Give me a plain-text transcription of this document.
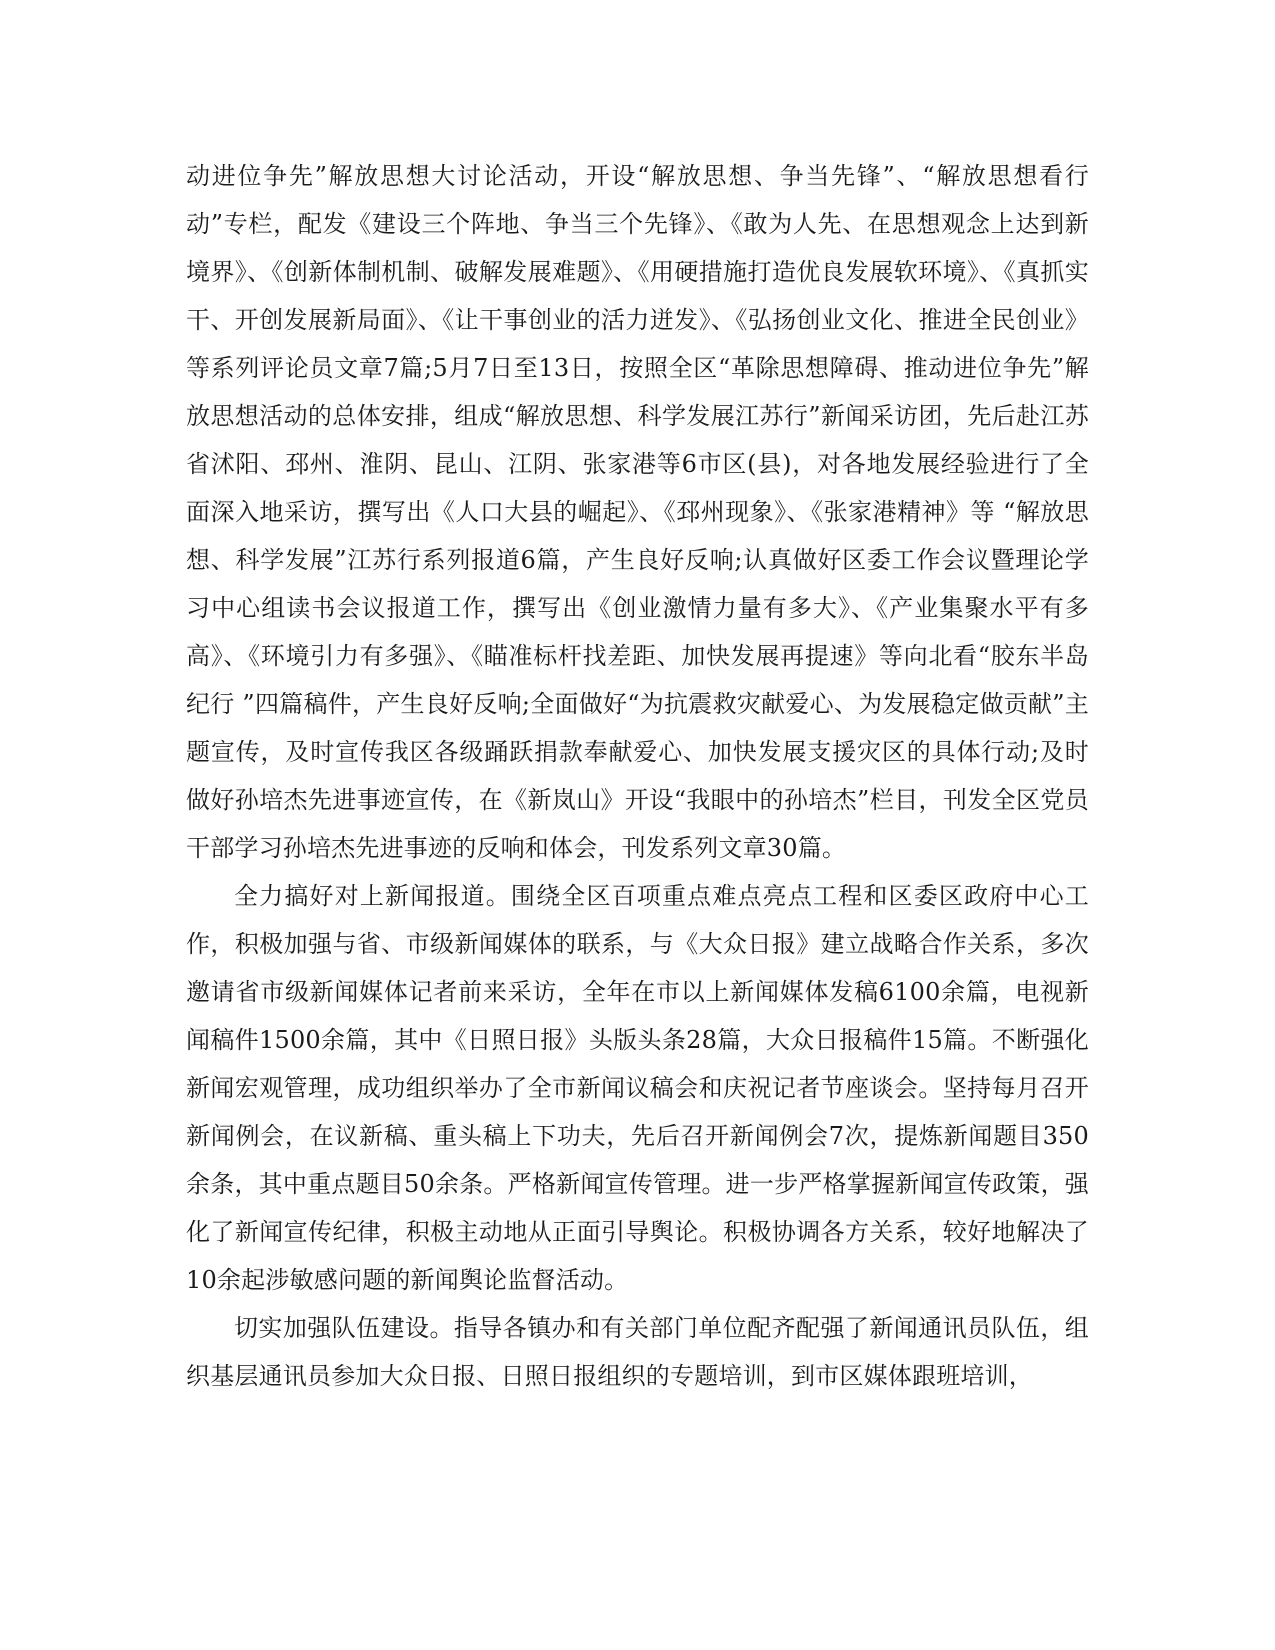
动进位争先”解放思想大讨论活动，开设“解放思想、争当先锋”、“解放思想看行动”专栏，配发《建设三个阵地、争当三个先锋》、《敢为人先、在思想观念上达到新境界》、《创新体制机制、破解发展难题》、《用硬措施打造优良发展软环境》、《真抓实干、开创发展新局面》、《让干事创业的活力迸发》、《弘扬创业文化、推进全民创业》等系列评论员文章7篇;5月7日至13日，按照全区“革除思想障碍、推动进位争先”解放思想活动的总体安排，组成“解放思想、科学发展江苏行”新闻采访团，先后赴江苏省沭阳、邳州、淮阴、昆山、江阴、张家港等6市区(县)，对各地发展经验进行了全面深入地采访，撰写出《人口大县的崛起》、《邳州现象》、《张家港精神》等 “解放思想、科学发展”江苏行系列报道6篇，产生良好反响;认真做好区委工作会议暨理论学习中心组读书会议报道工作，撰写出《创业激情力量有多大》、《产业集聚水平有多高》、《环境引力有多强》、《瞄准标杆找差距、加快发展再提速》等向北看“胶东半岛纪行 ”四篇稿件，产生良好反响;全面做好“为抗震救灾献爱心、为发展稳定做贡献”主题宣传，及时宣传我区各级踊跃捐款奉献爱心、加快发展支援灾区的具体行动;及时做好孙培杰先进事迹宣传，在《新岚山》开设“我眼中的孙培杰”栏目，刊发全区党员干部学习孙培杰先进事迹的反响和体会，刊发系列文章30篇。

全力搞好对上新闻报道。围绕全区百项重点难点亮点工程和区委区政府中心工作，积极加强与省、市级新闻媒体的联系，与《大众日报》建立战略合作关系，多次邀请省市级新闻媒体记者前来采访，全年在市以上新闻媒体发稿6100余篇，电视新闻稿件1500余篇，其中《日照日报》头版头条28篇，大众日报稿件15篇。不断强化新闻宏观管理，成功组织举办了全市新闻议稿会和庆祝记者节座谈会。坚持每月召开新闻例会，在议新稿、重头稿上下功夫，先后召开新闻例会7次，提炼新闻题目350余条，其中重点题目50余条。严格新闻宣传管理。进一步严格掌握新闻宣传政策，强化了新闻宣传纪律，积极主动地从正面引导舆论。积极协调各方关系，较好地解决了10余起涉敏感问题的新闻舆论监督活动。

切实加强队伍建设。指导各镇办和有关部门单位配齐配强了新闻通讯员队伍，组织基层通讯员参加大众日报、日照日报组织的专题培训，到市区媒体跟班培训，
